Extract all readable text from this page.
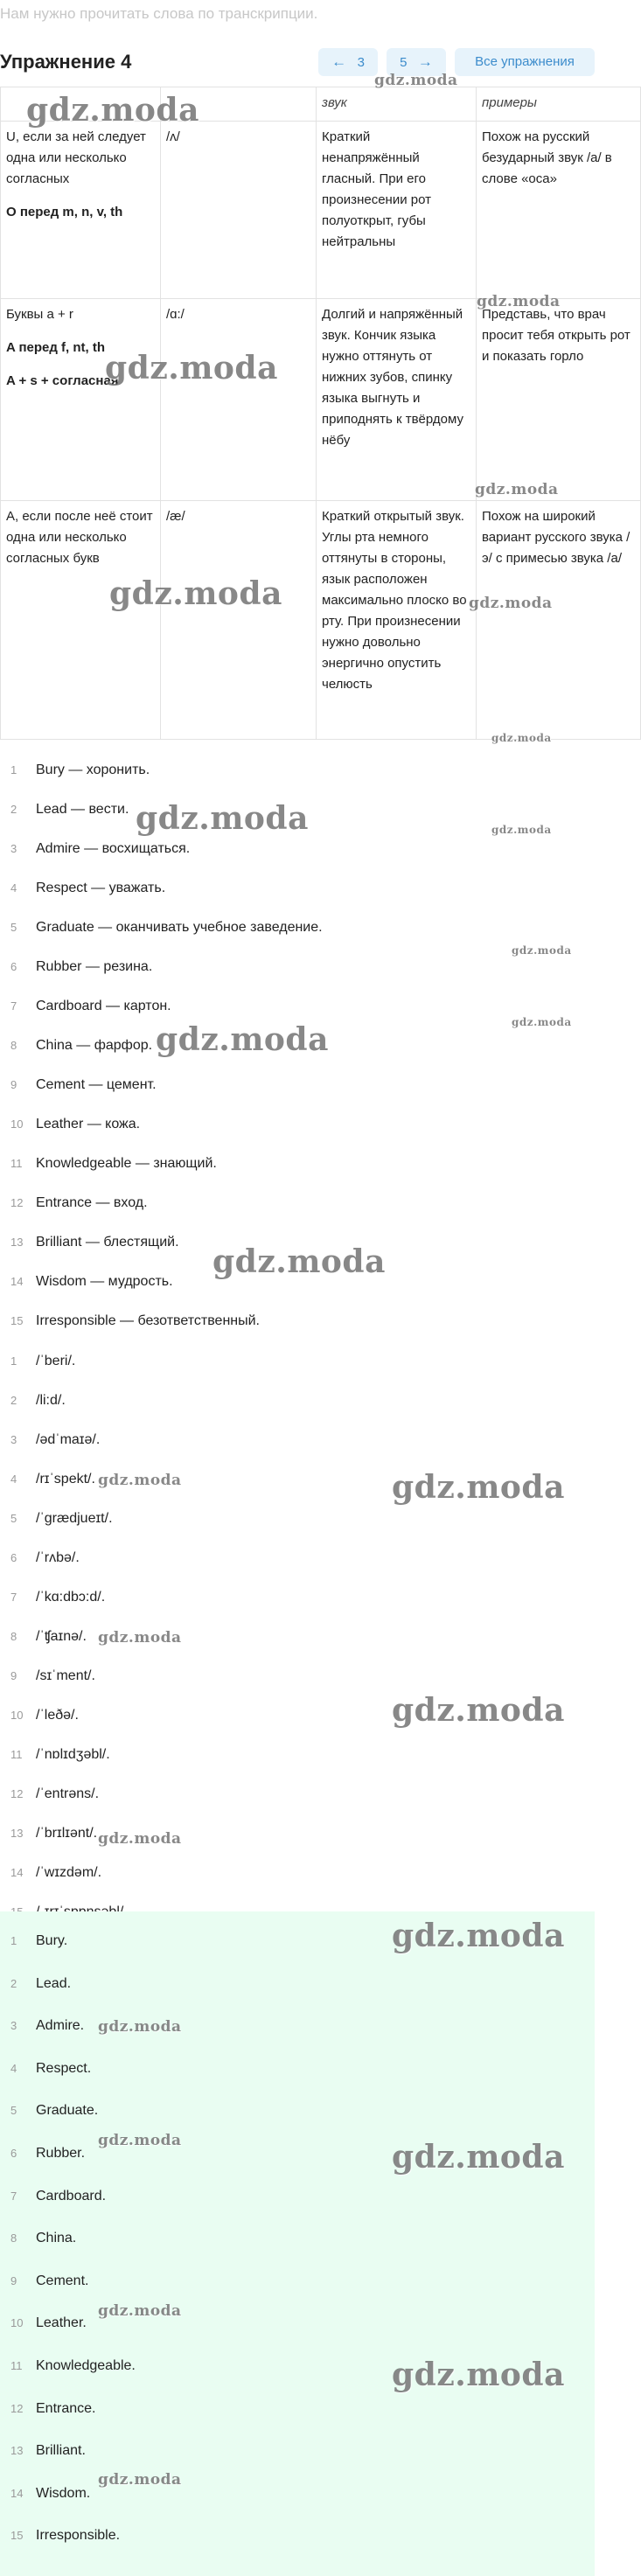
Нам нужно прочитать слова по транскрипции.
Упражнение 4	← 3	5 →	Все упражнения
		звук	примеры

U, если за ней следует одна или несколько согласных
O перед m, n, v, th	/ʌ/	Краткий ненапряжённый гласный. При его произнесении рот полуоткрыт, губы нейтральны	Похож на русский безударный звук /а/ в слове «оса»

Буквы a + r
A перед f, nt, th
A + s + согласная	/ɑ:/	Долгий и напряжённый звук. Кончик языка нужно оттянуть от нижних зубов, спинку языка выгнуть и приподнять к твёрдому нёбу	Представь, что врач просит тебя открыть рот и показать горло
A, если после неё стоит одна или несколько согласных букв	/æ/	Краткий открытый звук. Углы рта немного оттянуты в стороны, язык расположен максимально плоско во рту. При произнесении нужно довольно энергично опустить челюсть	Похож на широкий вариант русского звука /э/ с примесью звука /а/
1 Bury — хоронить.
2 Lead — вести.
3 Admire — восхищаться.
4 Respect — уважать.
5 Graduate — оканчивать учебное заведение.
6 Rubber — резина.
7 Cardboard — картон.
8 China — фарфор.
9 Cement — цемент.
10 Leather — кожа.
11 Knowledgeable — знающий.
12 Entrance — вход.
13 Brilliant — блестящий.
14 Wisdom — мудрость.
15 Irresponsible — безответственный.
1 /ˈberi/.
2 /li:d/.
3 /ədˈmaɪə/.
4 /rɪˈspekt/.
5 /ˈɡrædjueɪt/.
6 /ˈrʌbə/.
7 /ˈkɑ:dbɔ:d/.
8 /ˈʧaɪnə/.
9 /sɪˈment/.
10 /ˈleðə/.
11 /ˈnɒlɪdʒəbl/.
12 /ˈentrəns/.
13 /ˈbrɪlɪənt/.
14 /ˈwɪzdəm/.
1 Bury.
2 Lead.
3 Admire.
4 Respect.
5 Graduate.
6 Rubber.
7 Cardboard.
8 China.
9 Cement.
10 Leather.
11 Knowledgeable.
12 Entrance.
13 Brilliant.
14 Wisdom.
15 Irresponsible.
gdz.moda
gdz.moda
gdz.moda
gdz.moda
gdz.moda
gdz.moda	gdz.moda
gdz.moda
gdz.moda	gdz.moda
gdz.moda
gdz.moda	gdz.moda
gdz.moda
gdz.moda	gdz.moda
gdz.moda
gdz.moda
gdz.moda
gdz.moda
gdz.moda
gdz.moda	gdz.moda
gdz.moda
gdz.moda
gdz.moda
